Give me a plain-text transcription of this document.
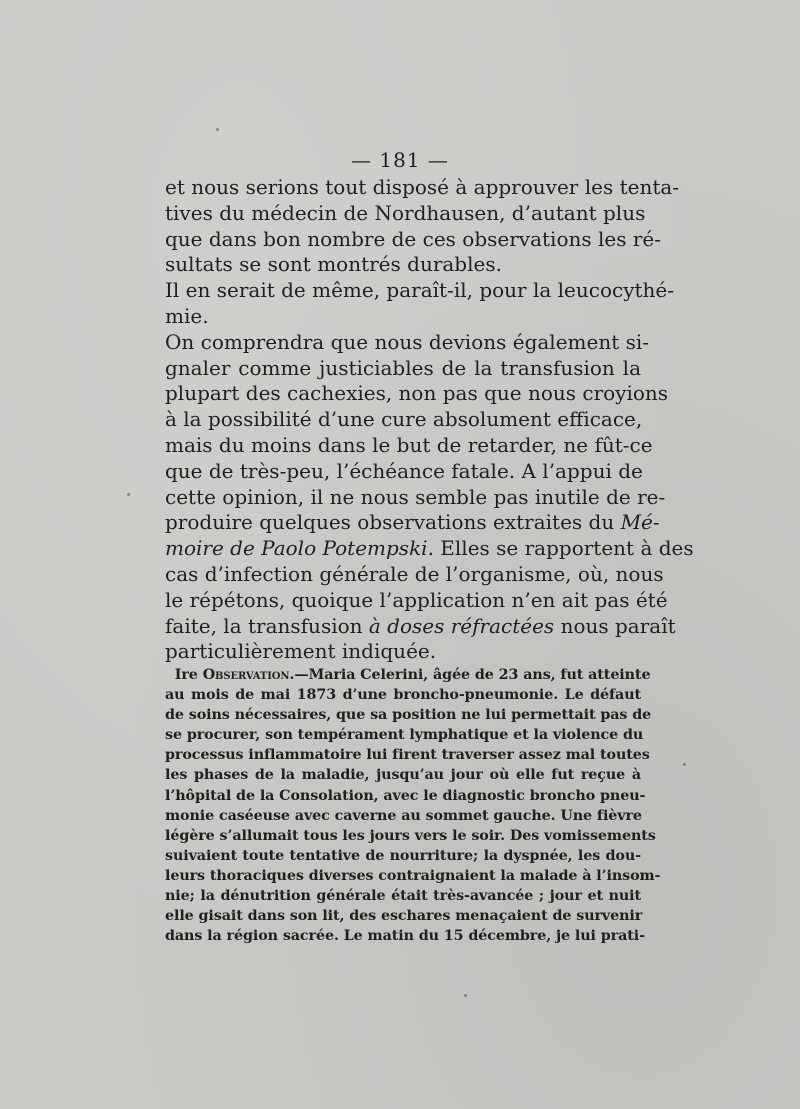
— 181 —
et nous serions tout disposé à approuver les tenta-
tives du médecin de Nordhausen, d’autant plus
que dans bon nombre de ces observations les ré-
sultats se sont montrés durables.
Il en serait de même, paraît-il, pour la leucocythé-
mie.
On comprendra que nous devions également si-
gnaler comme justiciables de la transfusion la
plupart des cachexies, non pas que nous croyions
à la possibilité d’une cure absolument efficace,
mais du moins dans le but de retarder, ne fût-ce
que de très-peu, l’échéance fatale. A l’appui de
cette opinion, il ne nous semble pas inutile de re-
produire quelques observations extraites du Mé-
moire de Paolo Potempski. Elles se rapportent à des
cas d’infection générale de l’organisme, où, nous
le répétons, quoique l’application n’en ait pas été
faite, la transfusion à doses réfractées nous paraît
particulièrement indiquée.
Ire Observation.—Maria Celerini, âgée de 23 ans, fut atteinte
au mois de mai 1873 d’une broncho-pneumonie. Le défaut
de soins nécessaires, que sa position ne lui permettait pas de
se procurer, son tempérament lymphatique et la violence du
processus inflammatoire lui firent traverser assez mal toutes
les phases de la maladie, jusqu’au jour où elle fut reçue à
l’hôpital de la Consolation, avec le diagnostic broncho pneu-
monie caséeuse avec caverne au sommet gauche. Une fièvre
légère s’allumait tous les jours vers le soir. Des vomissements
suivaient toute tentative de nourriture; la dyspnée, les dou-
leurs thoraciques diverses contraignaient la malade à l’insom-
nie; la dénutrition générale était très-avancée ; jour et nuit
elle gisait dans son lit, des eschares menaçaient de survenir
dans la région sacrée. Le matin du 15 décembre, je lui prati-
